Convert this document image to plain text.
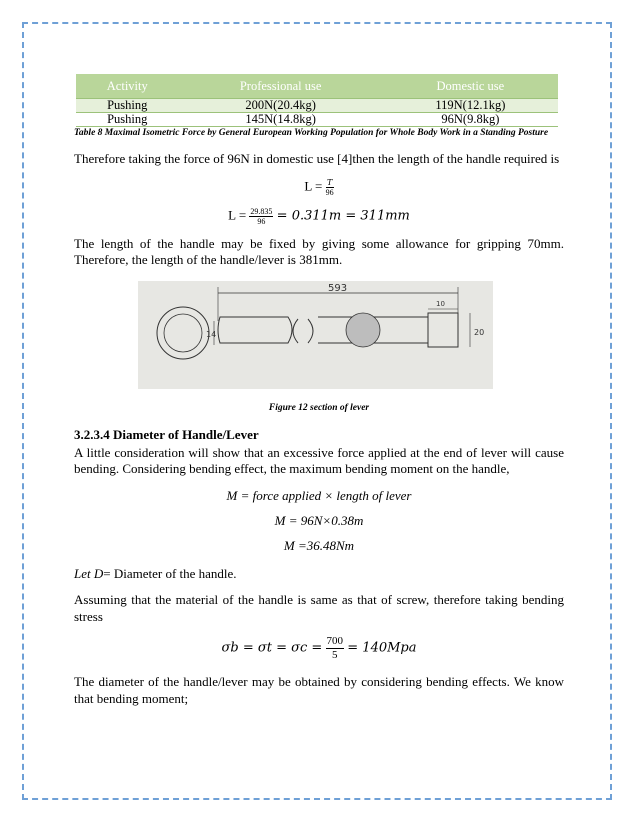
Activity	Professional use	Domestic use
Pushing	200N(20.4kg)	119N(12.1kg)
Pushing	145N(14.8kg)	96N(9.8kg)
Table 8 Maximal Isometric Force by General European Working Population for Whole Body Work in a Standing Posture

Therefore taking the force of 96N in domestic use [4]then the length of the handle required is

$L = \frac{T}{96}$
$L = \frac{29.835}{96} = 0.311m = 311mm$

The length of the handle may be fixed by giving some allowance for gripping 70mm. Therefore, the length of the handle/lever is 381mm.

593
10
14	20
Figure 12 section of lever
3.2.3.4 Diameter of Handle/Lever

A little consideration will show that an excessive force applied at the end of lever will cause bending. Considering bending effect, the maximum bending moment on the handle,

M = force applied × length of lever
M = 96N×0.38m
M =36.48Nm

Let D= Diameter of the handle.

Assuming that the material of the handle is same as that of screw, therefore taking bending stress

$\sigma b = \sigma t = \sigma c = \frac{700}{5} = 140Mpa$

The diameter of the handle/lever may be obtained by considering bending effects. We know that bending moment;
